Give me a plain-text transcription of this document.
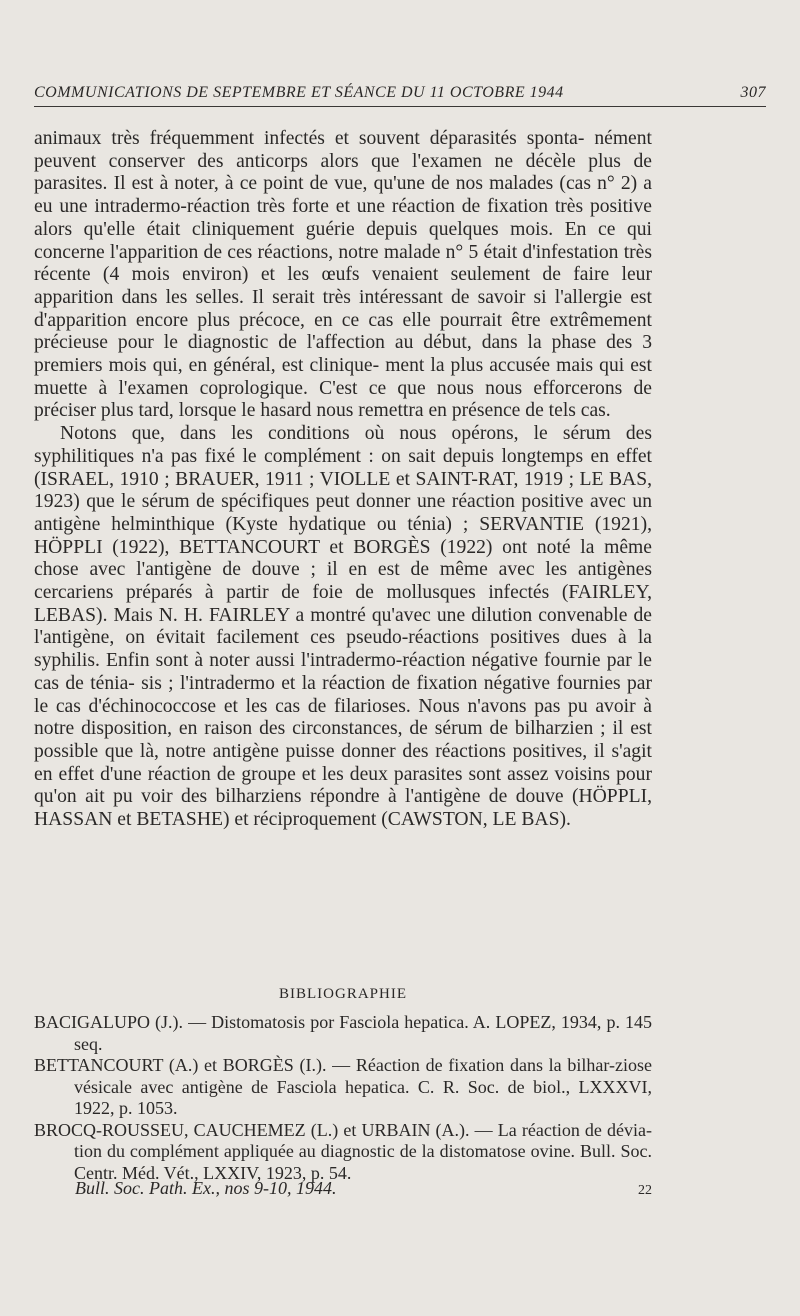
COMMUNICATIONS DE SEPTEMBRE ET SÉANCE DU 11 OCTOBRE 1944	307

animaux très fréquemment infectés et souvent déparasités sponta- nément peuvent conserver des anticorps alors que l'examen ne décèle plus de parasites. Il est à noter, à ce point de vue, qu'une de nos malades (cas n° 2) a eu une intradermo-réaction très forte et une réaction de fixation très positive alors qu'elle était cliniquement guérie depuis quelques mois. En ce qui concerne l'apparition de ces réactions, notre malade n° 5 était d'infestation très récente (4 mois environ) et les œufs venaient seulement de faire leur apparition dans les selles. Il serait très intéressant de savoir si l'allergie est d'apparition encore plus précoce, en ce cas elle pourrait être extrêmement précieuse pour le diagnostic de l'affection au début, dans la phase des 3 premiers mois qui, en général, est clinique- ment la plus accusée mais qui est muette à l'examen coprologique. C'est ce que nous nous efforcerons de préciser plus tard, lorsque le hasard nous remettra en présence de tels cas.

Notons que, dans les conditions où nous opérons, le sérum des syphilitiques n'a pas fixé le complément : on sait depuis longtemps en effet (ISRAEL, 1910 ; BRAUER, 1911 ; VIOLLE et SAINT-RAT, 1919 ; LE BAS, 1923) que le sérum de spécifiques peut donner une réaction positive avec un antigène helminthique (Kyste hydatique ou ténia) ; SERVANTIE (1921), HÖPPLI (1922), BETTANCOURT et BORGÈS (1922) ont noté la même chose avec l'antigène de douve ; il en est de même avec les antigènes cercariens préparés à partir de foie de mollusques infectés (FAIRLEY, LEBAS). Mais N. H. FAIRLEY a montré qu'avec une dilution convenable de l'antigène, on évitait facilement ces pseudo-réactions positives dues à la syphilis. Enfin sont à noter aussi l'intradermo-réaction négative fournie par le cas de ténia- sis ; l'intradermo et la réaction de fixation négative fournies par le cas d'échinococcose et les cas de filarioses. Nous n'avons pas pu avoir à notre disposition, en raison des circonstances, de sérum de bilharzien ; il est possible que là, notre antigène puisse donner des réactions positives, il s'agit en effet d'une réaction de groupe et les deux parasites sont assez voisins pour qu'on ait pu voir des bilharziens répondre à l'antigène de douve (HÖPPLI, HASSAN et BETASHE) et réciproquement (CAWSTON, LE BAS).

BIBLIOGRAPHIE

BACIGALUPO (J.). — Distomatosis por Fasciola hepatica. A. LOPEZ, 1934, p. 145 seq.

BETTANCOURT (A.) et BORGÈS (I.). — Réaction de fixation dans la bilhar-ziose vésicale avec antigène de Fasciola hepatica. C. R. Soc. de biol., LXXXVI, 1922, p. 1053.

BROCQ-ROUSSEU, CAUCHEMEZ (L.) et URBAIN (A.). — La réaction de dévia-tion du complément appliquée au diagnostic de la distomatose ovine. Bull. Soc. Centr. Méd. Vét., LXXIV, 1923, p. 54.

Bull. Soc. Path. Ex., nos 9-10, 1944.	22
